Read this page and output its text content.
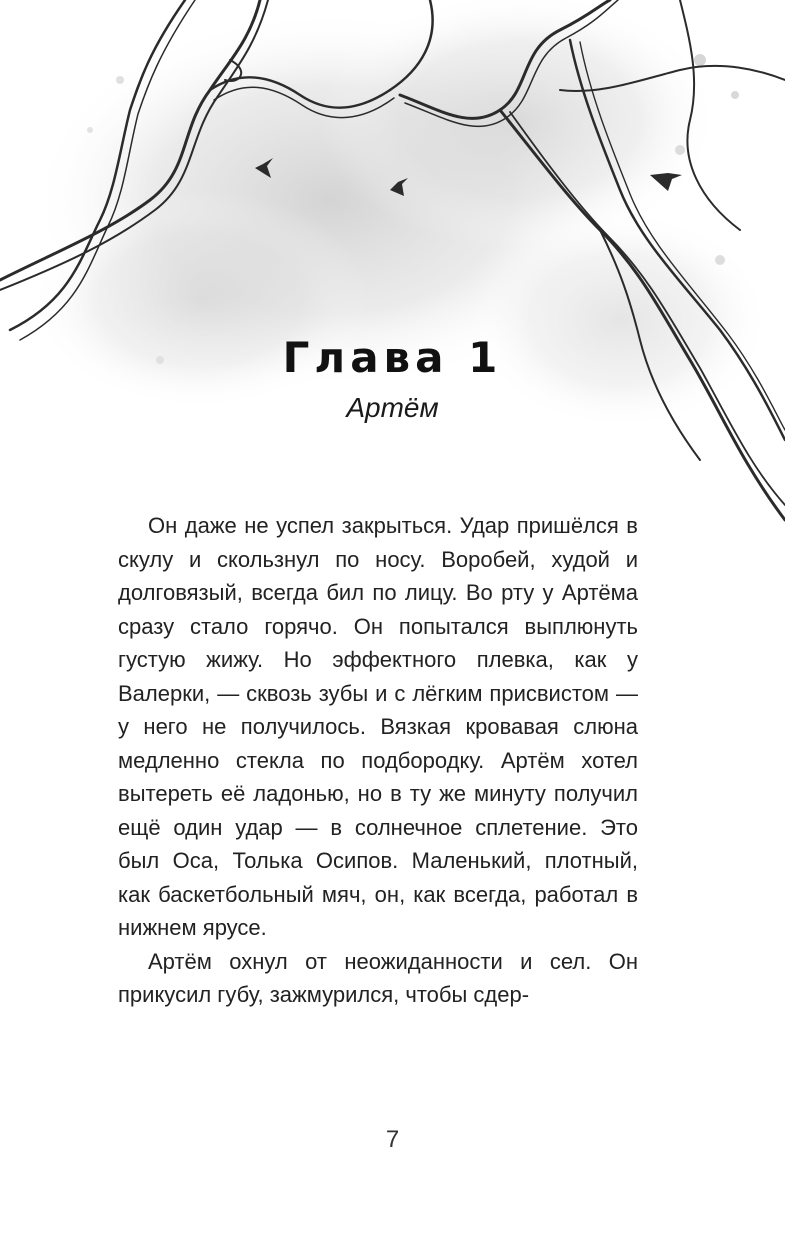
Глава 1
Артём

Он даже не успел закрыться. Удар пришёлся в скулу и скользнул по носу. Воробей, худой и долговязый, всегда бил по лицу. Во рту у Артёма сразу стало горячо. Он попытался выплюнуть густую жижу. Но эффектного плевка, как у Валерки, — сквозь зубы и с лёгким присвистом — у него не получилось. Вязкая кровавая слюна медленно стекла по подбородку. Артём хотел вытереть её ладонью, но в ту же минуту получил ещё один удар — в солнечное сплетение. Это был Оса, Толька Осипов. Маленький, плотный, как баскетбольный мяч, он, как всегда, работал в нижнем ярусе.

Артём охнул от неожиданности и сел. Он прикусил губу, зажмурился, чтобы сдер-

7
